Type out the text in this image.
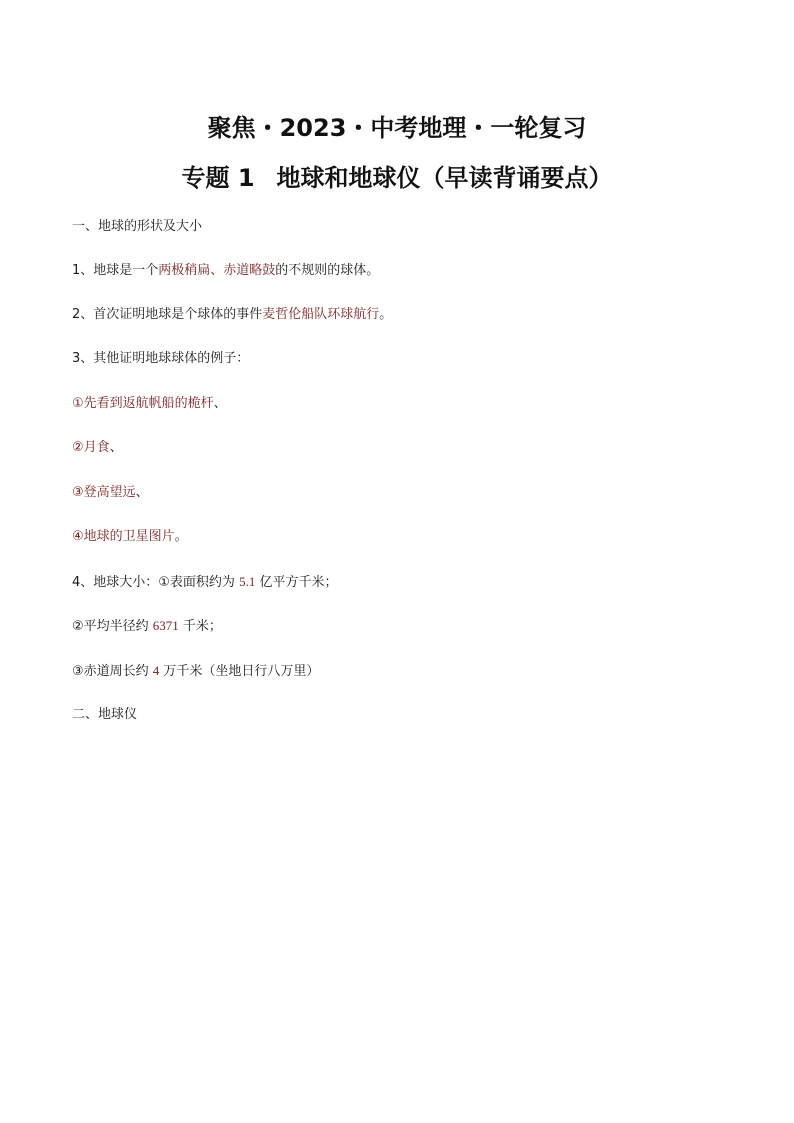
聚焦・2023・中考地理・一轮复习
专题 1 地球和地球仪（早读背诵要点）
一、地球的形状及大小
1、地球是一个两极稍扁、赤道略鼓的不规则的球体。
2、首次证明地球是个球体的事件麦哲伦船队环球航行。
3、其他证明地球球体的例子：
①先看到返航帆船的桅杆、
②月食、
③登高望远、
④地球的卫星图片。
4、地球大小：①表面积约为 5.1 亿平方千米；
②平均半径约 6371 千米；
③赤道周长约 4 万千米（坐地日行八万里）
二、地球仪
